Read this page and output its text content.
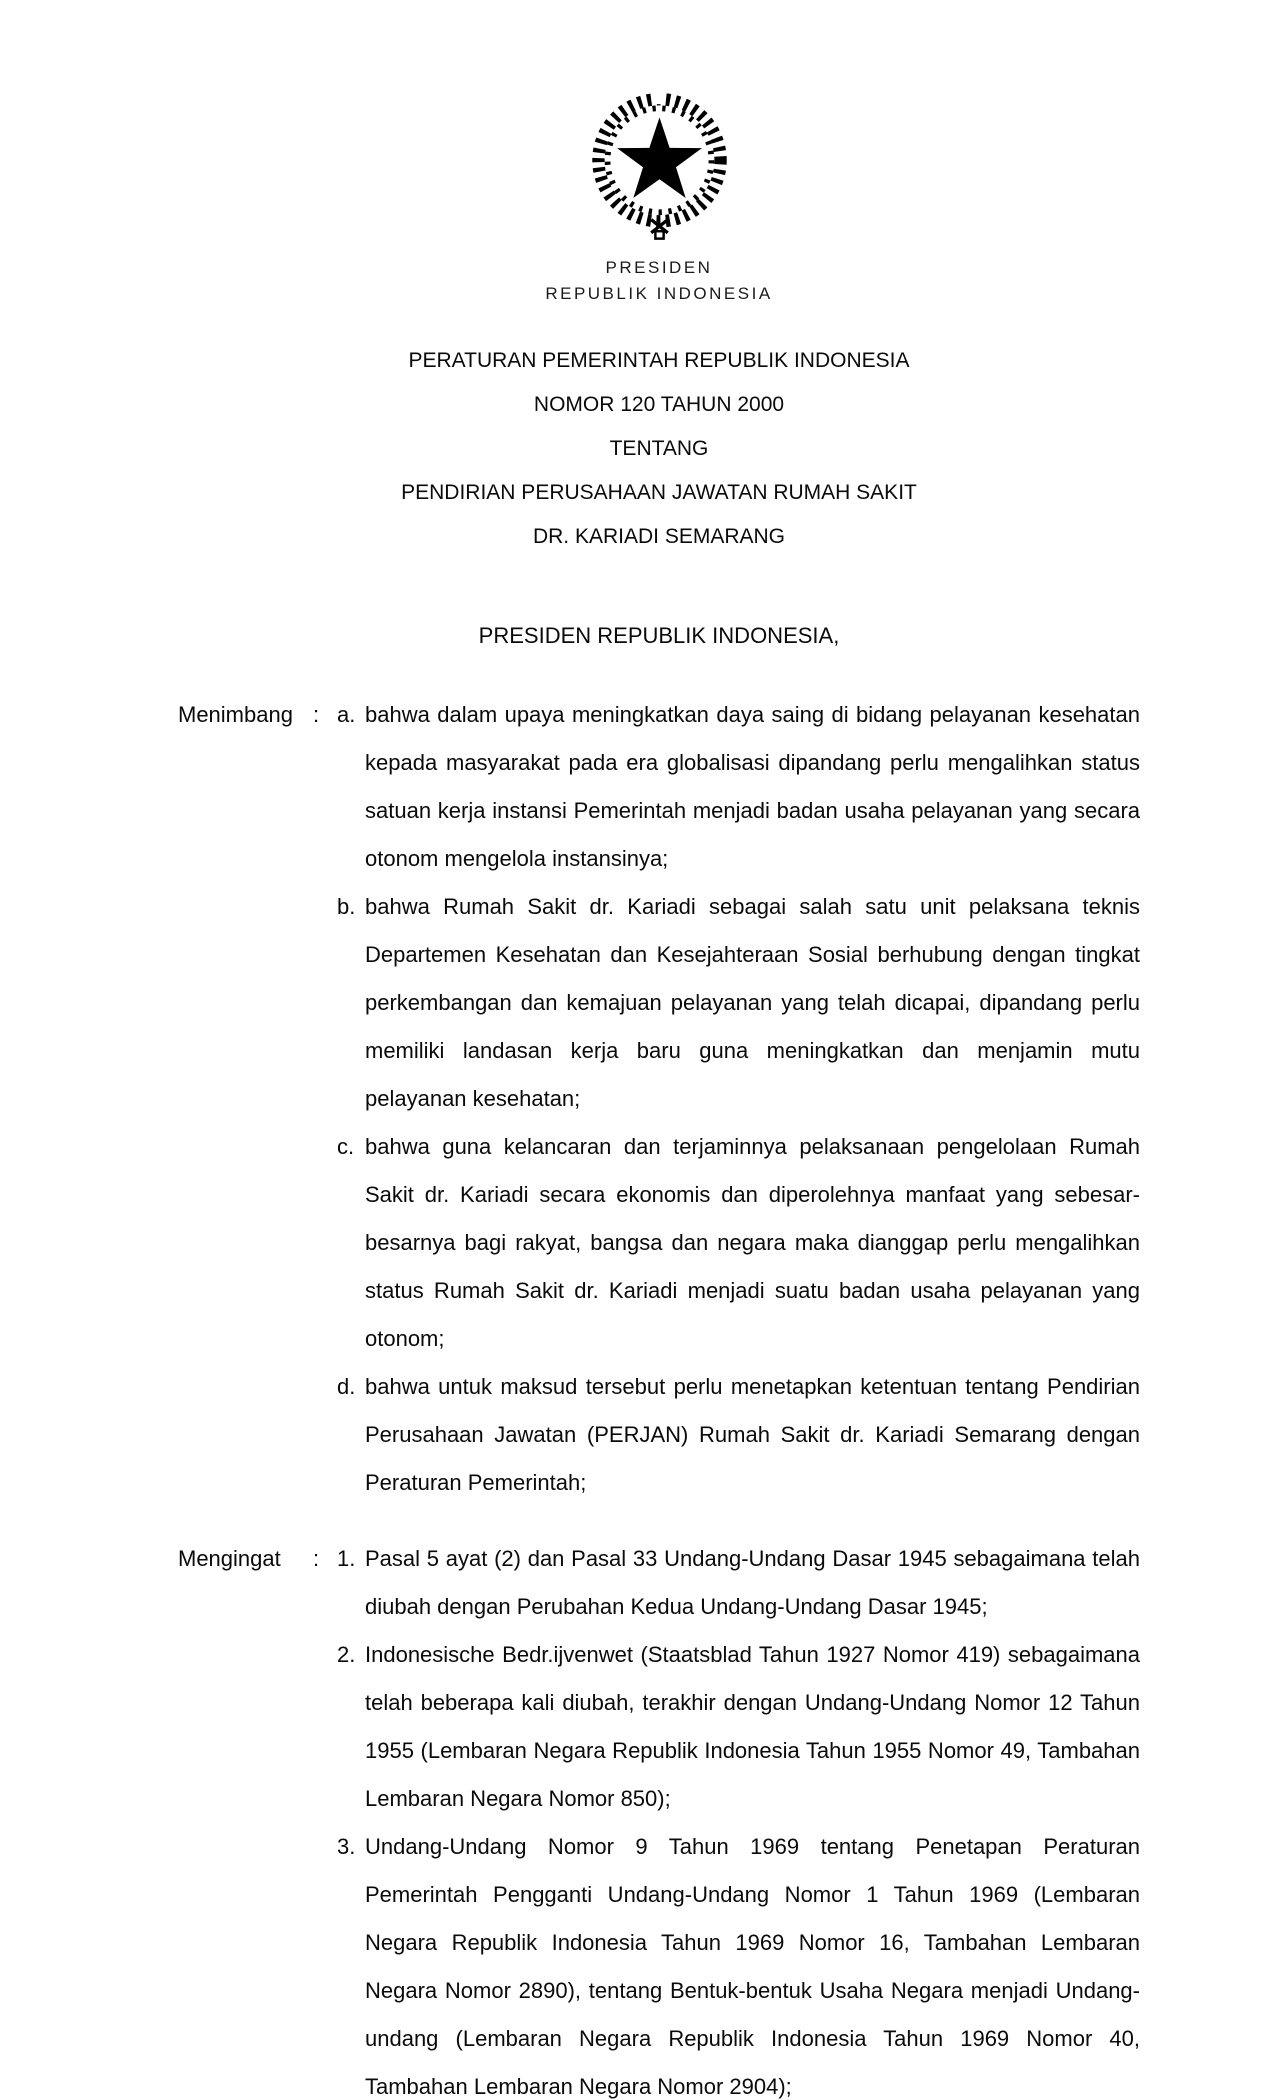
PRESIDEN
REPUBLIK INDONESIA
PERATURAN PEMERINTAH REPUBLIK INDONESIA
NOMOR 120 TAHUN 2000
TENTANG
PENDIRIAN PERUSAHAAN JAWATAN RUMAH SAKIT
DR. KARIADI SEMARANG
PRESIDEN REPUBLIK INDONESIA,
Menimbang : a. bahwa dalam upaya meningkatkan daya saing di bidang pelayanan kesehatan kepada masyarakat pada era globalisasi dipandang perlu mengalihkan status satuan kerja instansi Pemerintah menjadi badan usaha pelayanan yang secara otonom mengelola instansinya;
b. bahwa Rumah Sakit dr. Kariadi sebagai salah satu unit pelaksana teknis Departemen Kesehatan dan Kesejahteraan Sosial berhubung dengan tingkat perkembangan dan kemajuan pelayanan yang telah dicapai, dipandang perlu memiliki landasan kerja baru guna meningkatkan dan menjamin mutu pelayanan kesehatan;
c. bahwa guna kelancaran dan terjaminnya pelaksanaan pengelolaan Rumah Sakit dr. Kariadi secara ekonomis dan diperolehnya manfaat yang sebesar-besarnya bagi rakyat, bangsa dan negara maka dianggap perlu mengalihkan status Rumah Sakit dr. Kariadi menjadi suatu badan usaha pelayanan yang otonom;
d. bahwa untuk maksud tersebut perlu menetapkan ketentuan tentang Pendirian Perusahaan Jawatan (PERJAN) Rumah Sakit dr. Kariadi Semarang dengan Peraturan Pemerintah;
Mengingat	: 1. Pasal 5 ayat (2) dan Pasal 33 Undang-Undang Dasar 1945 sebagaimana telah diubah dengan Perubahan Kedua Undang-Undang Dasar 1945;
2. Indonesische Bedr.ijvenwet (Staatsblad Tahun 1927 Nomor 419) sebagaimana telah beberapa kali diubah, terakhir dengan Undang-Undang Nomor 12 Tahun 1955 (Lembaran Negara Republik Indonesia Tahun 1955 Nomor 49, Tambahan Lembaran Negara Nomor 850);
3. Undang-Undang Nomor 9 Tahun 1969 tentang Penetapan Peraturan Pemerintah Pengganti Undang-Undang Nomor 1 Tahun 1969 (Lembaran Negara Republik Indonesia Tahun 1969 Nomor 16, Tambahan Lembaran Negara Nomor 2890), tentang Bentuk-bentuk Usaha Negara menjadi Undang-undang (Lembaran Negara Republik Indonesia Tahun 1969 Nomor 40, Tambahan Lembaran Negara Nomor 2904);
